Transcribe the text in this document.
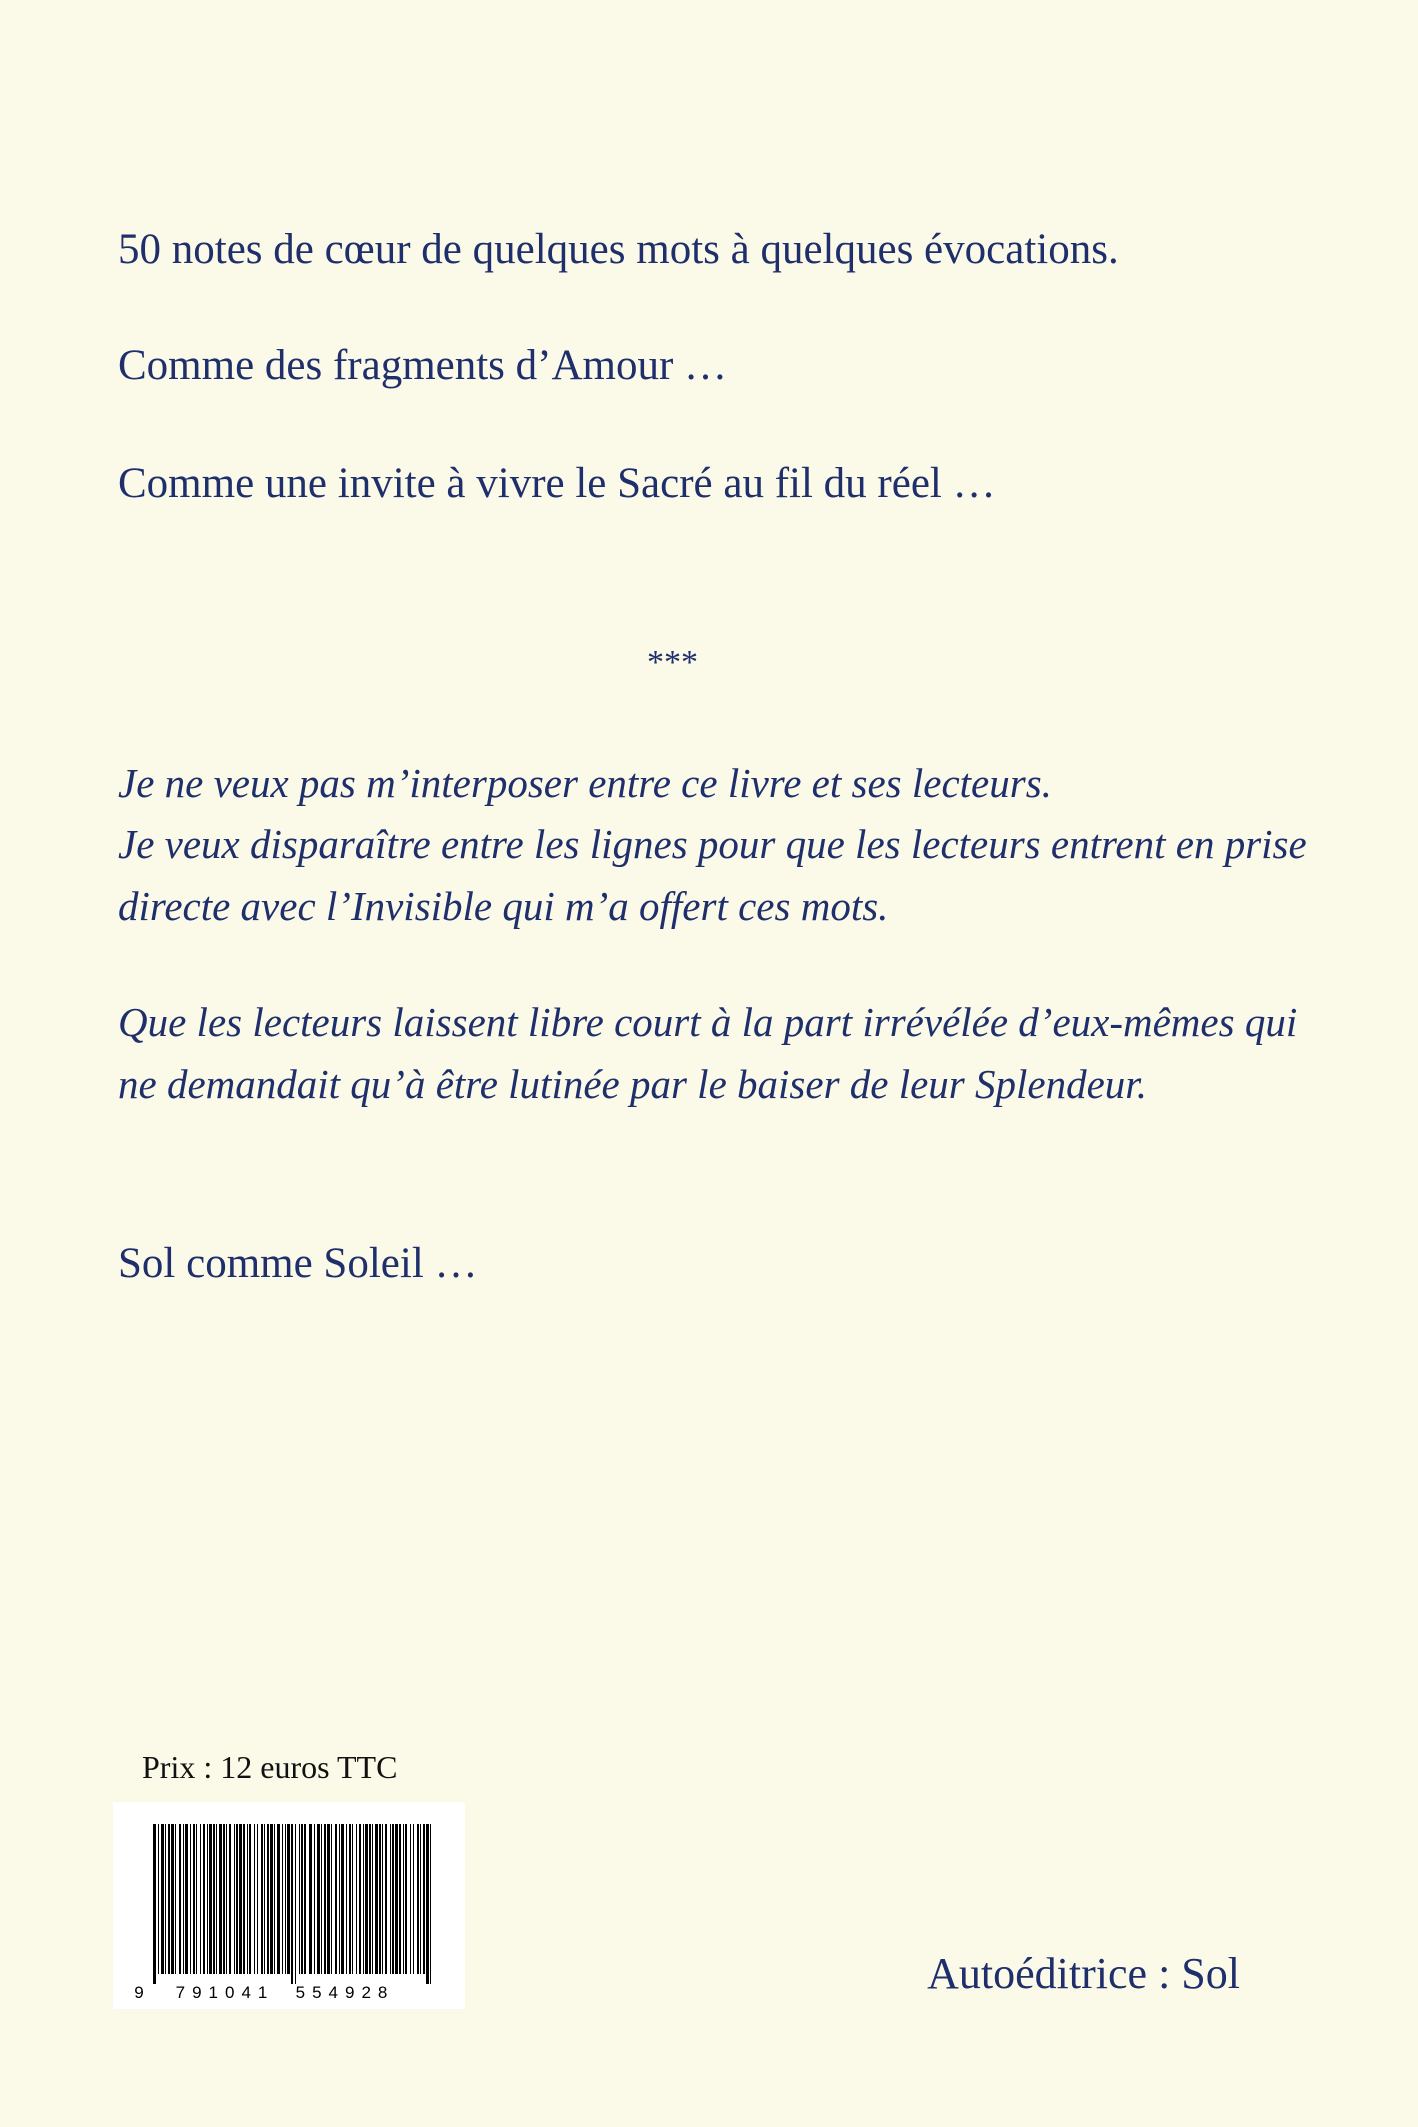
50 notes de cœur de quelques mots à quelques évocations.

Comme des fragments d’Amour …

Comme une invite à vivre le Sacré au fil du réel …

***

Je ne veux pas m’interposer entre ce livre et ses lecteurs.

Je veux disparaître entre les lignes pour que les lecteurs entrent en prise

directe avec l’Invisible qui m’a offert ces mots.

Que les lecteurs laissent libre court à la part irrévélée d’eux-mêmes qui

ne demandait qu’à être lutinée par le baiser de leur Splendeur.

Sol comme Soleil …

Prix : 12 euros TTC
9 791041 554928	Autoéditrice : Sol
